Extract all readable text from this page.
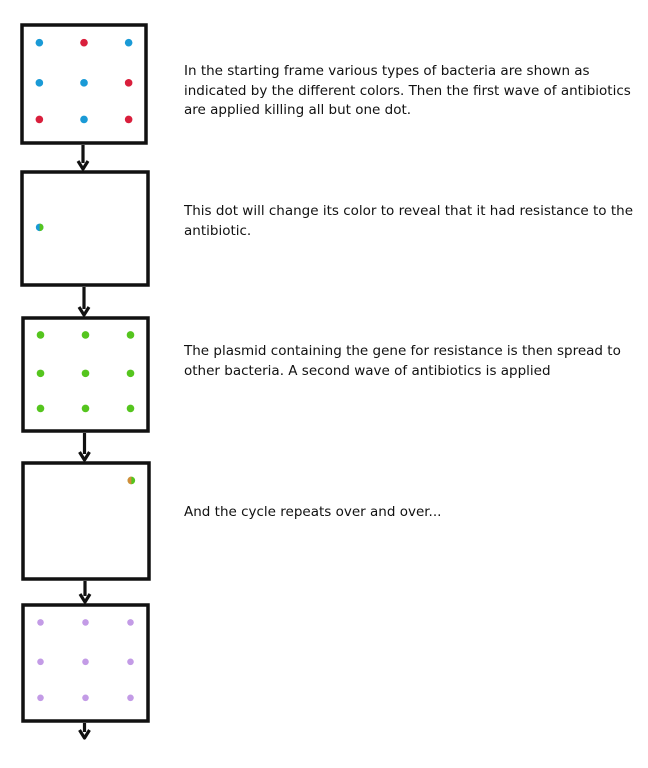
In the starting frame various types of bacteria are shown as indicated by the different colors. Then the first wave of antibiotics are applied killing all but one dot.

This dot will change its color to reveal that it had resistance to the antibiotic.

The plasmid containing the gene for resistance is then spread to other bacteria. A second wave of antibiotics is applied

And the cycle repeats over and over...
